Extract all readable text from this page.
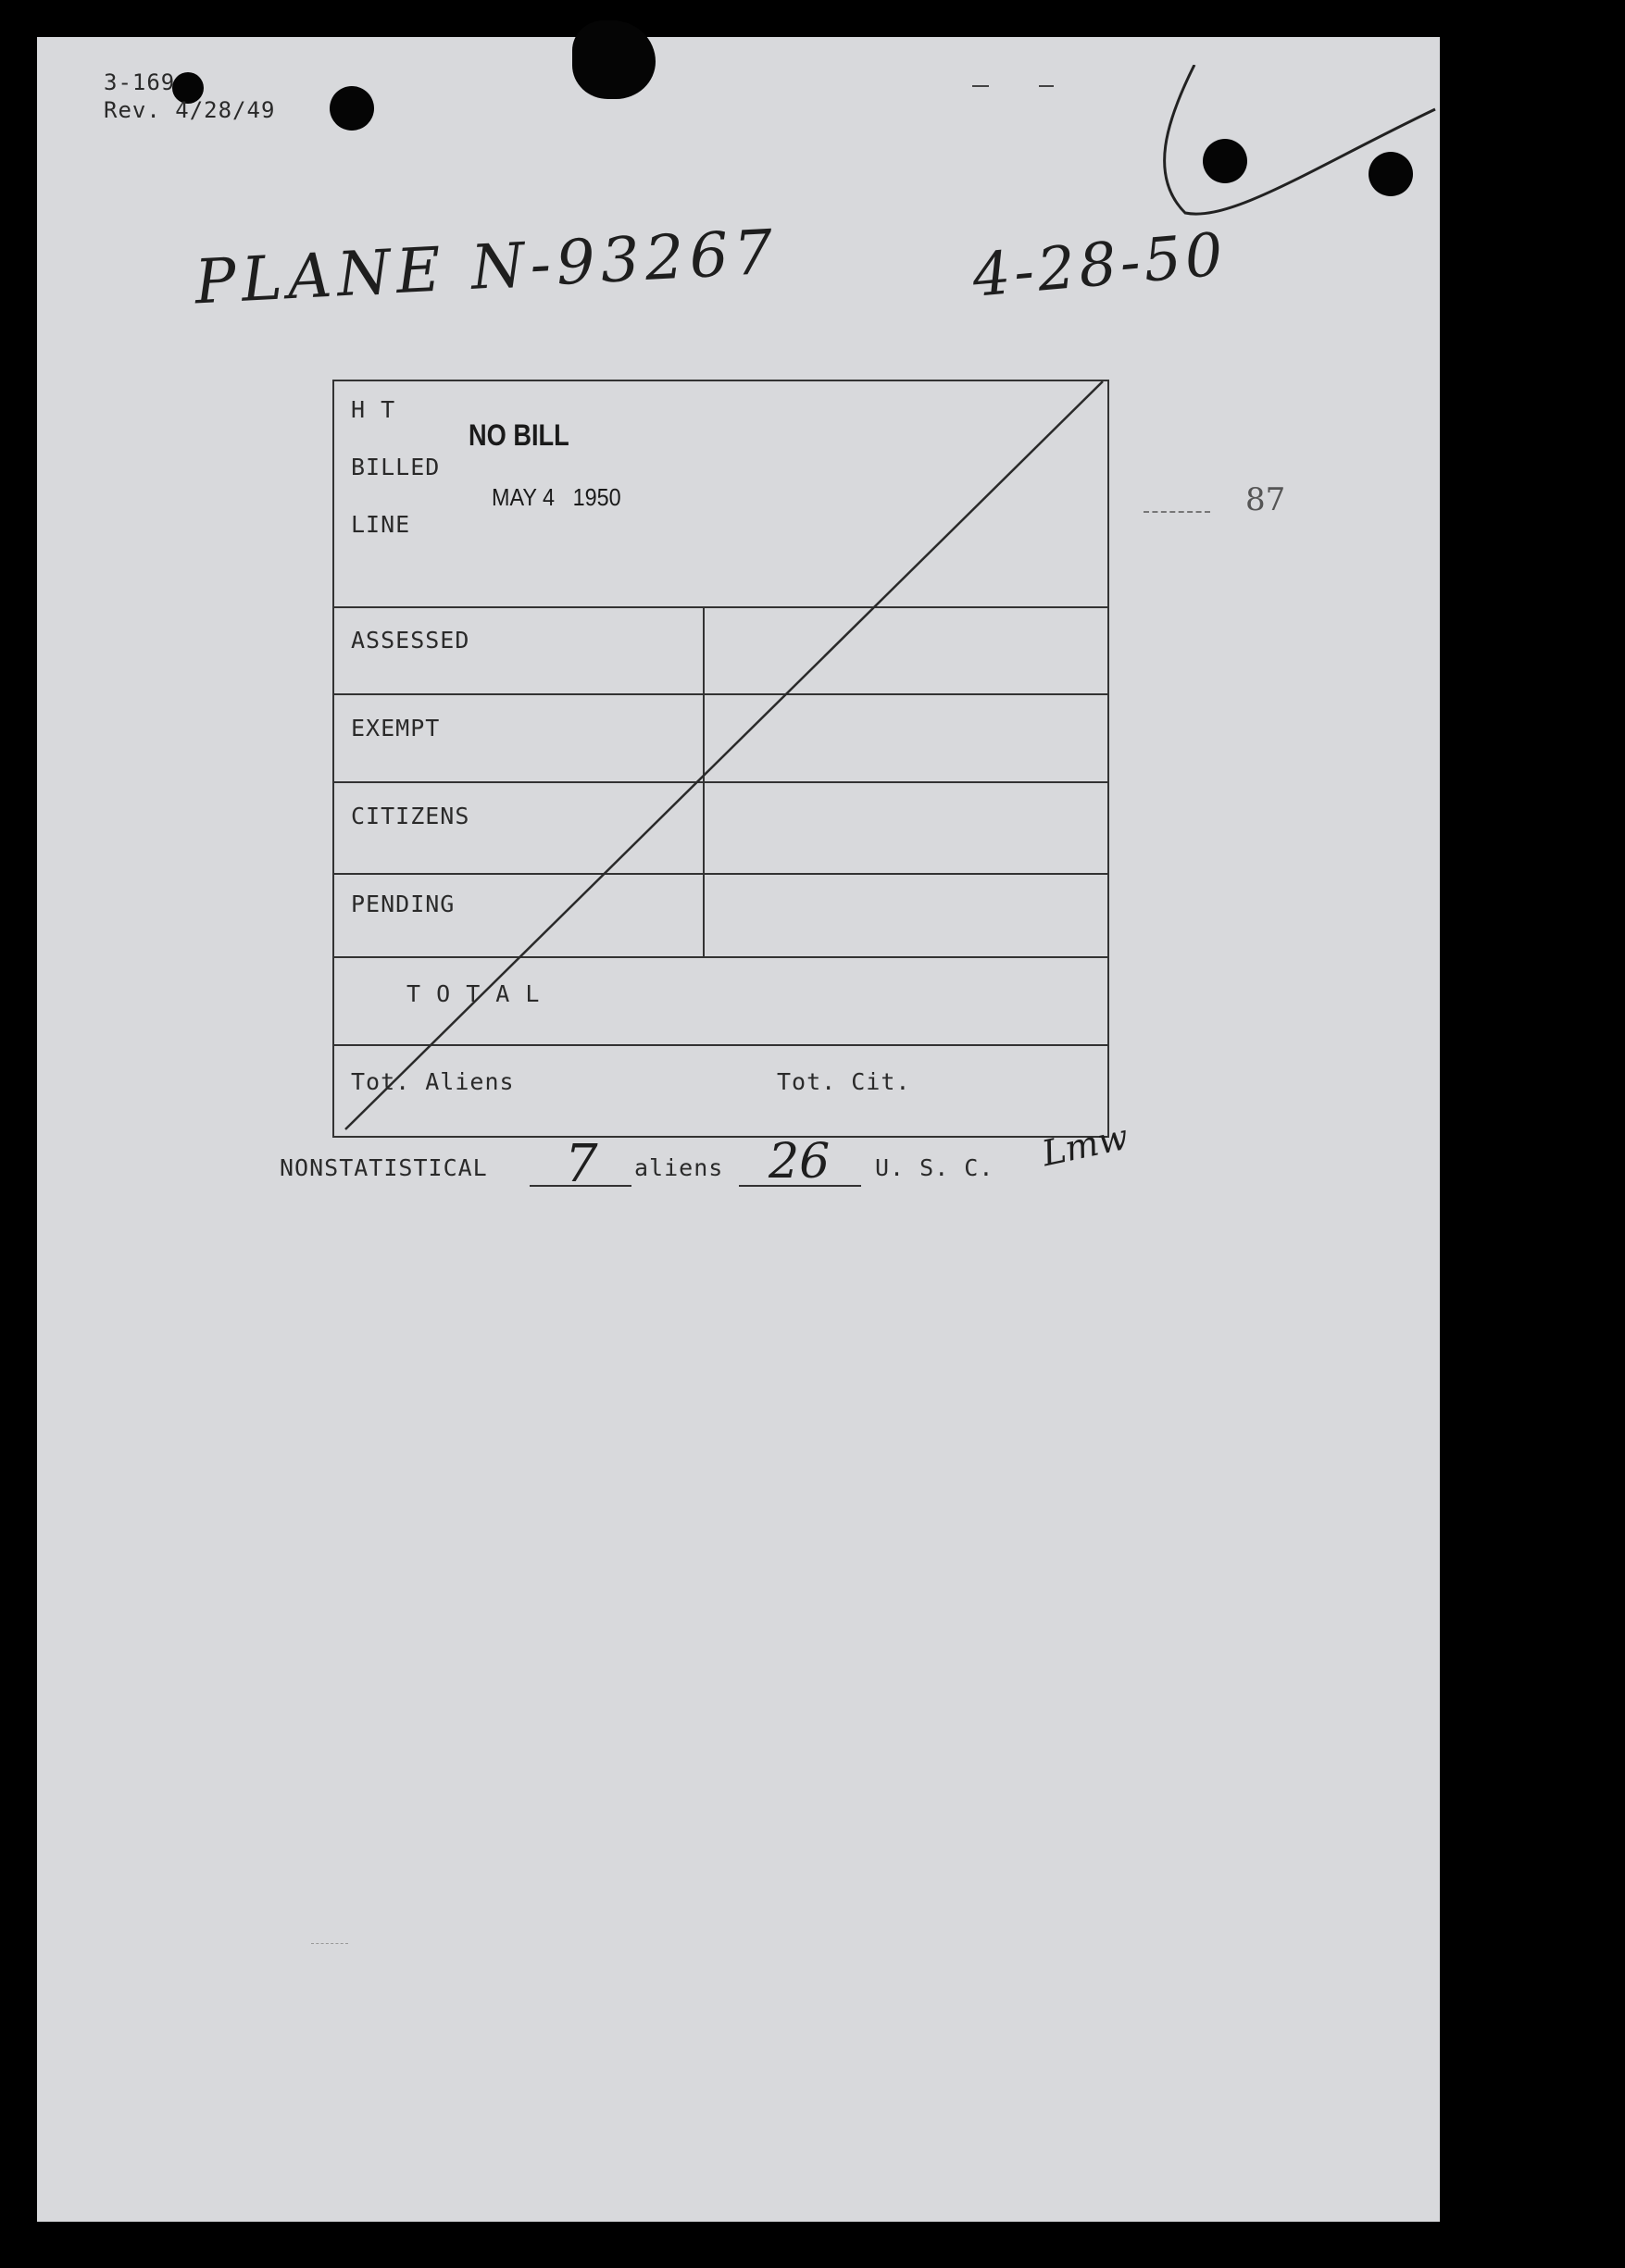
3-169
Rev. 4/28/49
PLANE N-93267	4-28-50
87
H T
BILLED
LINE
NO BILL
MAY 4   1950
ASSESSED
EXEMPT
CITIZENS
PENDING
T O T A L
Tot. Aliens	Tot. Cit.
NONSTATISTICAL 7 aliens 26 U. S. C. Lmw
